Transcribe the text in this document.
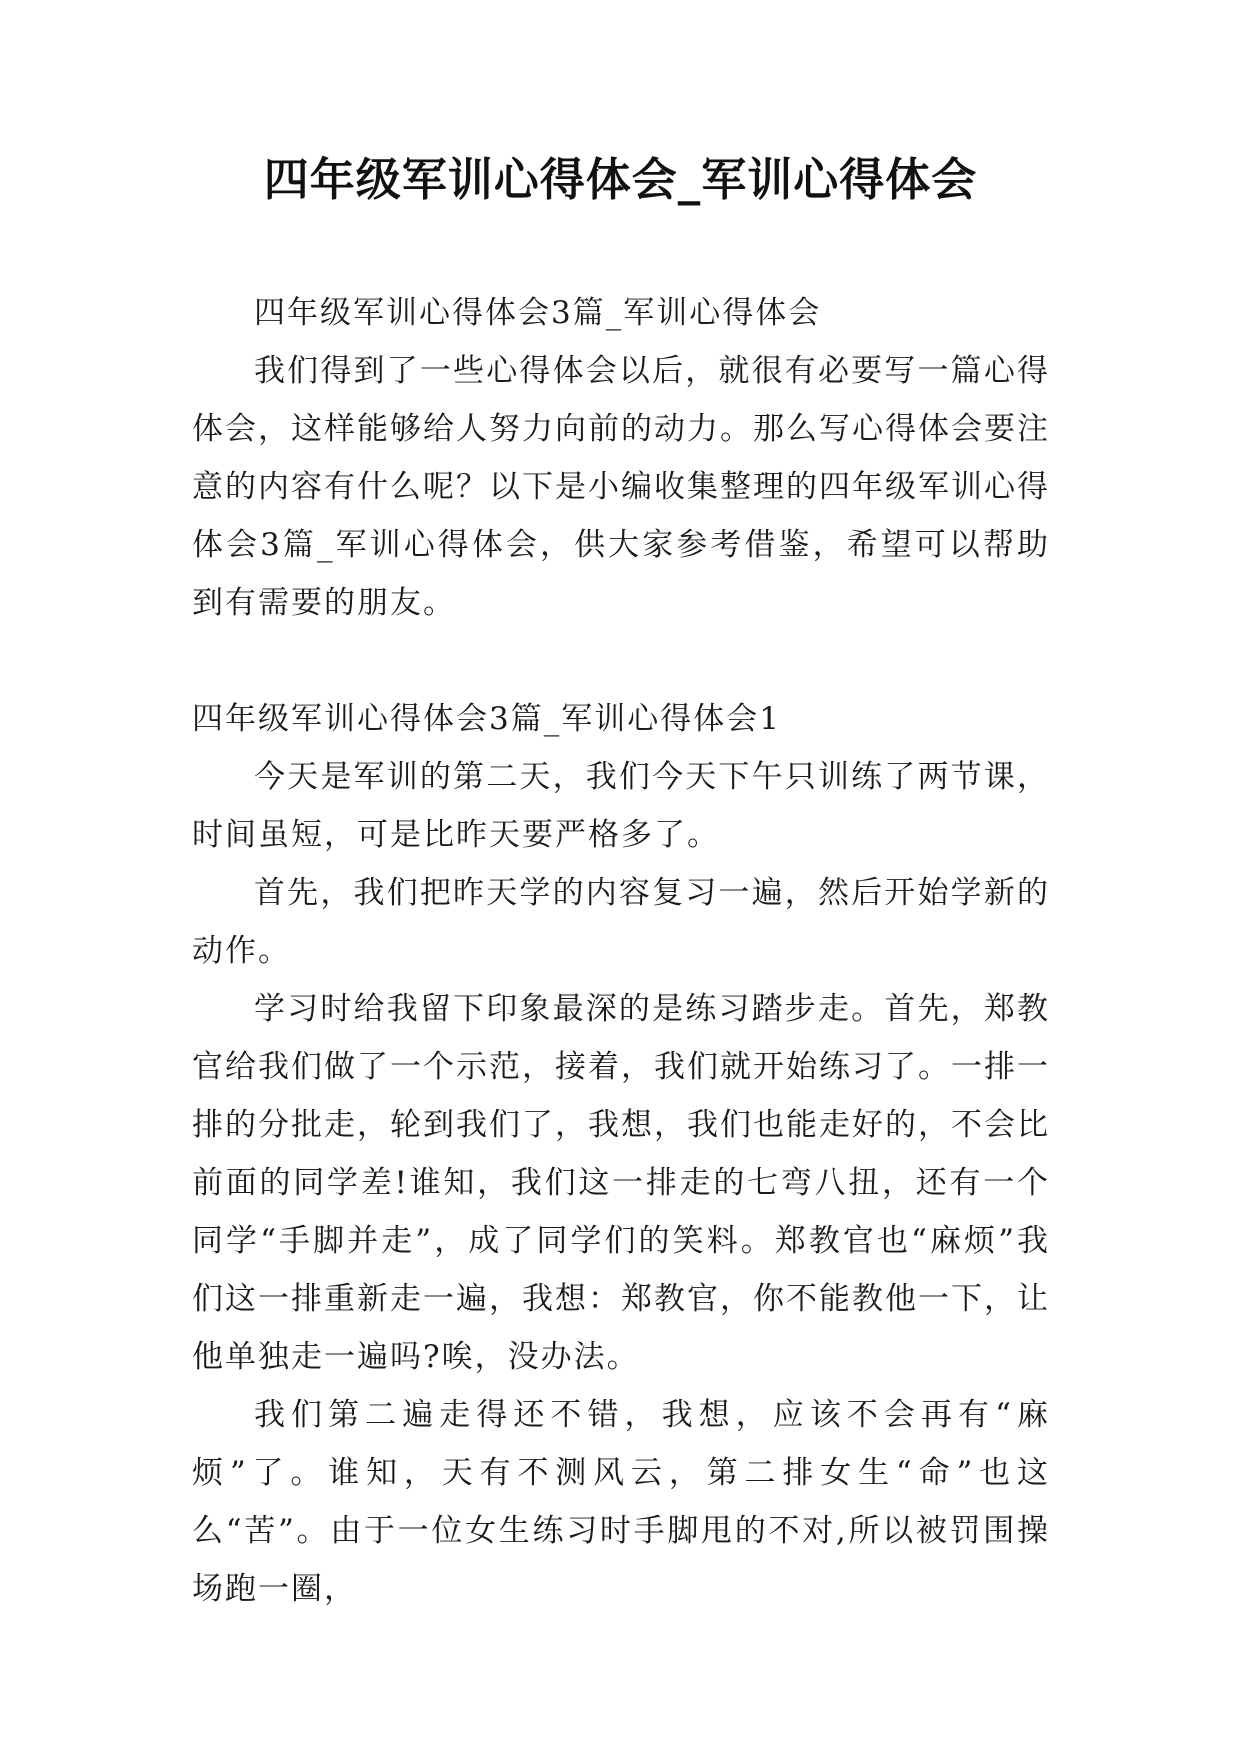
四年级军训心得体会_军训心得体会

四年级军训心得体会3篇_军训心得体会

我们得到了一些心得体会以后，就很有必要写一篇心得体会，这样能够给人努力向前的动力。那么写心得体会要注意的内容有什么呢？以下是小编收集整理的四年级军训心得体会3篇_军训心得体会，供大家参考借鉴，希望可以帮助到有需要的朋友。

四年级军训心得体会3篇_军训心得体会1

今天是军训的第二天，我们今天下午只训练了两节课，时间虽短，可是比昨天要严格多了。

首先，我们把昨天学的内容复习一遍，然后开始学新的动作。

学习时给我留下印象最深的是练习踏步走。首先，郑教官给我们做了一个示范，接着，我们就开始练习了。一排一排的分批走，轮到我们了，我想，我们也能走好的，不会比前面的同学差!谁知，我们这一排走的七弯八扭，还有一个同学“手脚并走”，成了同学们的笑料。郑教官也“麻烦”我们这一排重新走一遍，我想：郑教官，你不能教他一下，让他单独走一遍吗?唉，没办法。

我们第二遍走得还不错，我想，应该不会再有“麻烦”了。谁知，天有不测风云，第二排女生“命”也这么“苦”。由于一位女生练习时手脚甩的不对,所以被罚围操场跑一圈，
